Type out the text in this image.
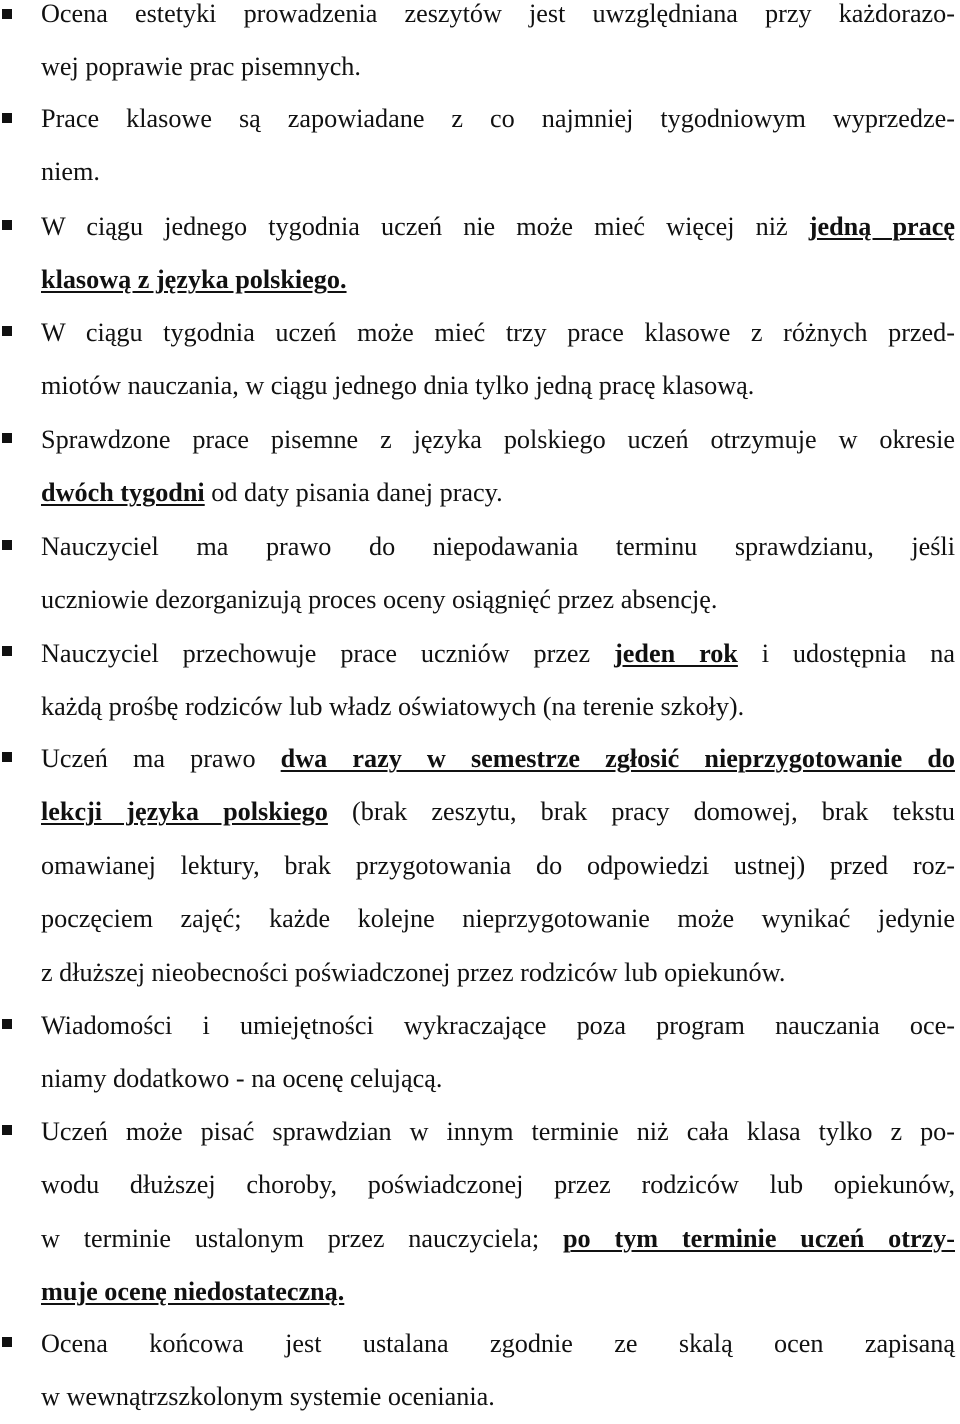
Ocena estetyki prowadzenia zeszytów jest uwzględniana przy każdorazo-
wej poprawie prac pisemnych.
Prace klasowe są zapowiadane z co najmniej tygodniowym wyprzedze-
niem.
W ciągu jednego tygodnia uczeń nie może mieć więcej niż jedną pracę
klasową z języka polskiego.
W ciągu tygodnia uczeń może mieć trzy prace klasowe z różnych przed-
miotów nauczania, w ciągu jednego dnia tylko jedną pracę klasową.
Sprawdzone prace pisemne z języka polskiego uczeń otrzymuje w okresie
dwóch tygodni od daty pisania danej pracy.
Nauczyciel ma prawo do niepodawania terminu sprawdzianu, jeśli
uczniowie dezorganizują proces oceny osiągnięć przez absencję.
Nauczyciel przechowuje prace uczniów przez jeden rok i udostępnia na
każdą prośbę rodziców lub władz oświatowych (na terenie szkoły).
Uczeń ma prawo dwa razy w semestrze zgłosić nieprzygotowanie do
lekcji języka polskiego (brak zeszytu, brak pracy domowej, brak tekstu
omawianej lektury, brak przygotowania do odpowiedzi ustnej) przed roz-
poczęciem zajęć; każde kolejne nieprzygotowanie może wynikać jedynie
z dłuższej nieobecności poświadczonej przez rodziców lub opiekunów.
Wiadomości i umiejętności wykraczające poza program nauczania oce-
niamy dodatkowo - na ocenę celującą.
Uczeń może pisać sprawdzian w innym terminie niż cała klasa tylko z po-
wodu dłuższej choroby, poświadczonej przez rodziców lub opiekunów,
w terminie ustalonym przez nauczyciela; po tym terminie uczeń otrzy-
muje ocenę niedostateczną.
Ocena końcowa jest ustalana zgodnie ze skalą ocen zapisaną
w wewnątrzszkolonym systemie oceniania.
